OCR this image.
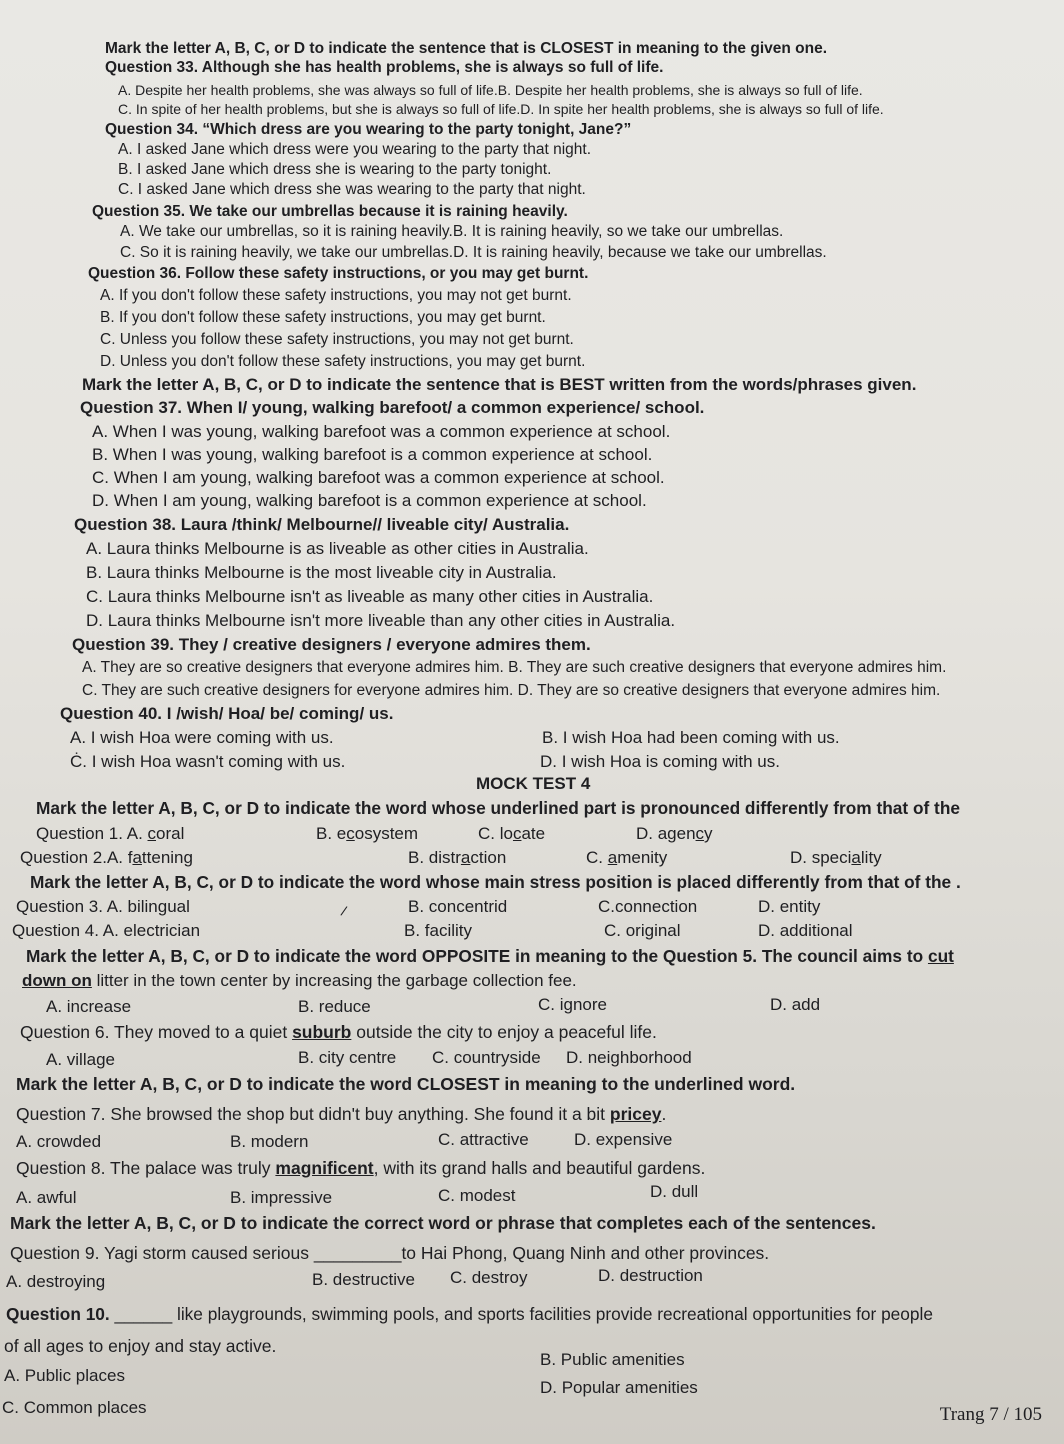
Mark the letter A, B, C, or D to indicate the sentence that is CLOSEST in meaning to the given one.
Question 33. Although she has health problems, she is always so full of life.
A. Despite her health problems, she was always so full of life.B. Despite her health problems, she is always so full of life.
C. In spite of her health problems, but she is always so full of life.D. In spite her health problems, she is always so full of life.
Question 34. “Which dress are you wearing to the party tonight, Jane?”
A. I asked Jane which dress were you wearing to the party that night.
B. I asked Jane which dress she is wearing to the party tonight.
C. I asked Jane which dress she was wearing to the party that night.
Question 35. We take our umbrellas because it is raining heavily.
A. We take our umbrellas, so it is raining heavily.B. It is raining heavily, so we take our umbrellas.
C. So it is raining heavily, we take our umbrellas.D. It is raining heavily, because we take our umbrellas.
Question 36. Follow these safety instructions, or you may get burnt.
A. If you don't follow these safety instructions, you may not get burnt.
B. If you don't follow these safety instructions, you may get burnt.
C. Unless you follow these safety instructions, you may not get burnt.
D. Unless you don't follow these safety instructions, you may get burnt.
Mark the letter A, B, C, or D to indicate the sentence that is BEST written from the words/phrases given.
Question 37. When I/ young, walking barefoot/ a common experience/ school.
A. When I was young, walking barefoot was a common experience at school.
B. When I was young, walking barefoot is a common experience at school.
C. When I am young, walking barefoot was a common experience at school.
D. When I am young, walking barefoot is a common experience at school.
Question 38. Laura /think/ Melbourne// liveable city/ Australia.
A. Laura thinks Melbourne is as liveable as other cities in Australia.
B. Laura thinks Melbourne is the most liveable city in Australia.
C. Laura thinks Melbourne isn't as liveable as many other cities in Australia.
D. Laura thinks Melbourne isn't more liveable than any other cities in Australia.
Question 39. They / creative designers / everyone admires them.
A. They are so creative designers that everyone admires him. B. They are such creative designers that everyone admires him.
C. They are such creative designers for everyone admires him. D. They are so creative designers that everyone admires him.
Question 40. I /wish/ Hoa/ be/ coming/ us.
A. I wish Hoa were coming with us.	B. I wish Hoa had been coming with us.
Ċ. I wish Hoa wasn't coming with us.	D. I wish Hoa is coming with us.
MOCK TEST 4
Mark the letter A, B, C, or D to indicate the word whose underlined part is pronounced differently from that of the
Question 1. A. coral	B. ecosystem	C. locate	D. agency
Question 2.A. fattening	B. distraction	C. amenity	D. speciality
Mark the letter A, B, C, or D to indicate the word whose main stress position is placed differently from that of the .
Question 3. A. bilingual	/	B. concentrid	C.connection	D. entity
Question 4. A. electrician	B. facility	C. original	D. additional
Mark the letter A, B, C, or D to indicate the word OPPOSITE in meaning to the Question 5. The council aims to cut
down on litter in the town center by increasing the garbage collection fee.
A. increase	B. reduce	C. ignore	D. add
Question 6. They moved to a quiet suburb outside the city to enjoy a peaceful life.
A. village	B. city centre C. countryside D. neighborhood
Mark the letter A, B, C, or D to indicate the word CLOSEST in meaning to the underlined word.
Question 7. She browsed the shop but didn't buy anything. She found it a bit pricey.
A. crowded	B. modern	C. attractive	D. expensive
Question 8. The palace was truly magnificent, with its grand halls and beautiful gardens.
A. awful	B. impressive	C. modest	D. dull
Mark the letter A, B, C, or D to indicate the correct word or phrase that completes each of the sentences.
Question 9. Yagi storm caused serious _________to Hai Phong, Quang Ninh and other provinces.
A. destroying	B. destructive C. destroy	D. destruction
Question 10. ______ like playgrounds, swimming pools, and sports facilities provide recreational opportunities for people
of all ages to enjoy and stay active.
A. Public places
B. Public amenities
C. Common places
D. Popular amenities
Trang 7 / 105
